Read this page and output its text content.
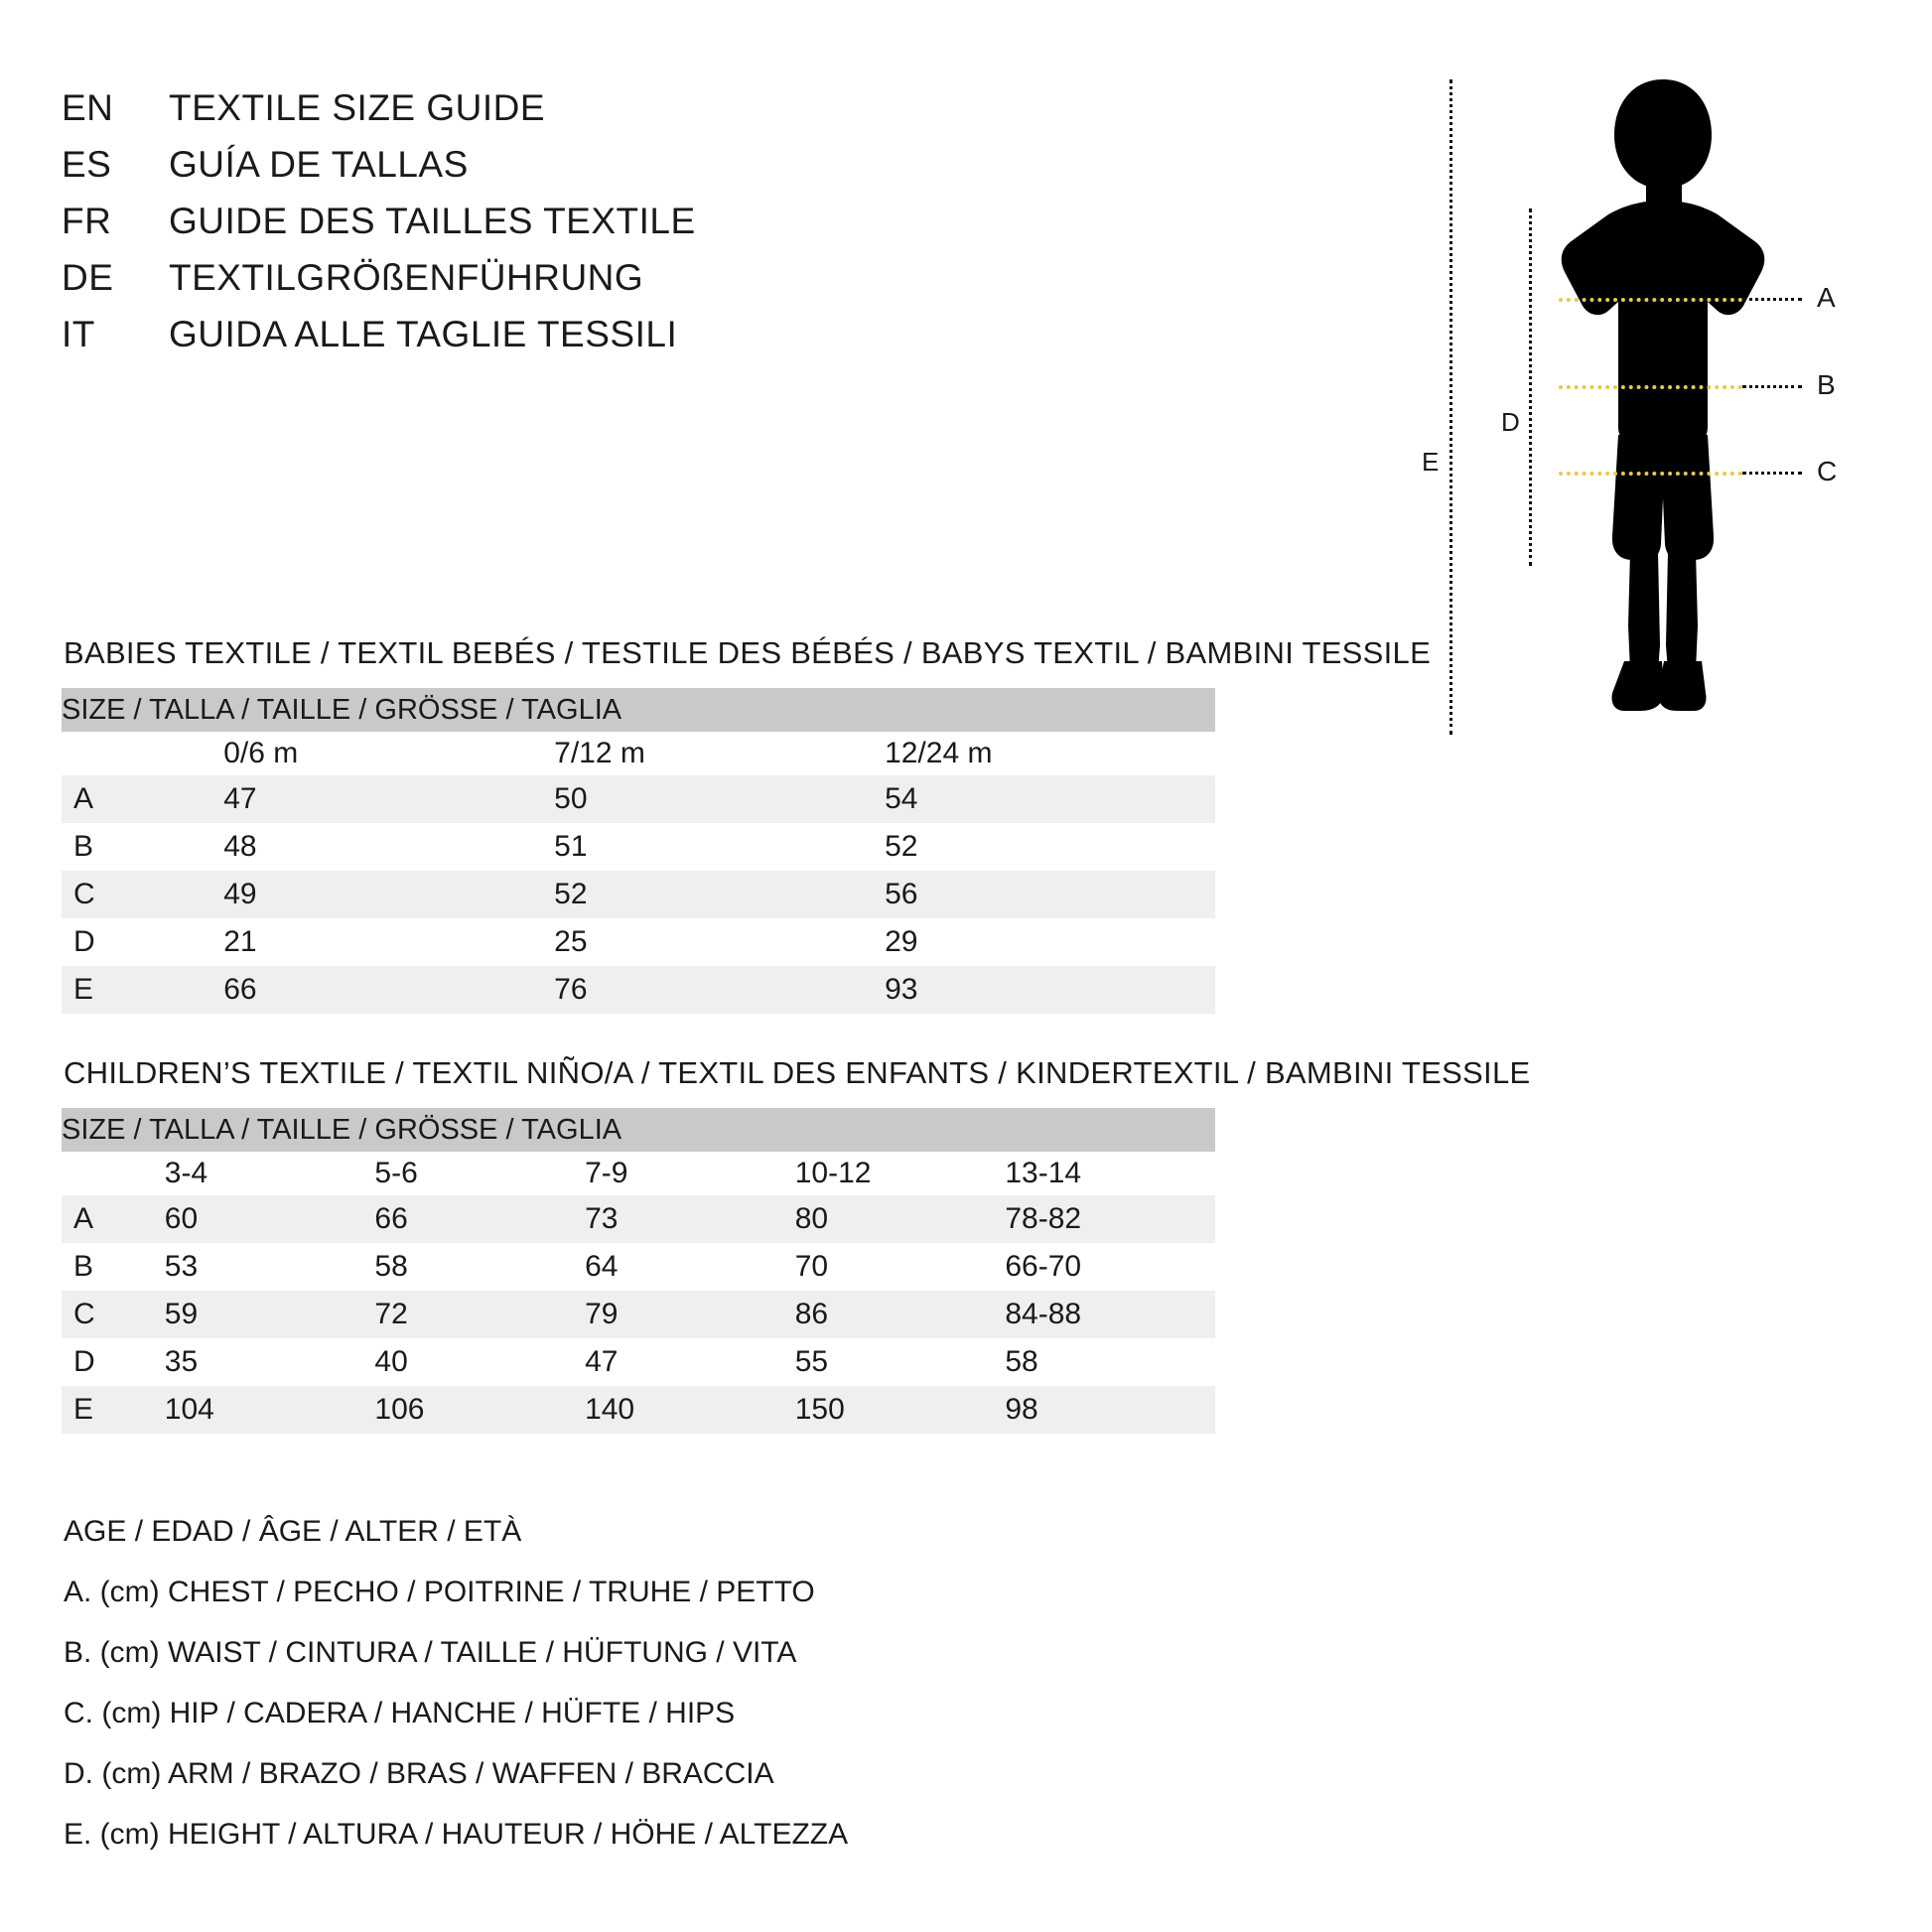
EN	TEXTILE SIZE GUIDE
ES	GUÍA DE TALLAS
FR	GUIDE DES TAILLES TEXTILE
DE	TEXTILGRÖßENFÜHRUNG
IT	GUIDA ALLE TAGLIE TESSILI
E
D
A
B
C
BABIES TEXTILE / TEXTIL BEBÉS / TESTILE DES BÉBÉS / BABYS TEXTIL / BAMBINI TESSILE
SIZE / TALLA / TAILLE / GRÖSSE / TAGLIA			
	0/6 m	7/12 m	12/24 m
A	47	50	54
B	48	51	52
C	49	52	56
D	21	25	29
E	66	76	93
CHILDREN’S TEXTILE / TEXTIL NIÑO/A / TEXTIL DES ENFANTS / KINDERTEXTIL / BAMBINI TESSILE
SIZE / TALLA / TAILLE / GRÖSSE / TAGLIA					
	3-4	5-6	7-9	10-12	13-14
A	60	66	73	80	78-82
B	53	58	64	70	66-70
C	59	72	79	86	84-88
D	35	40	47	55	58
E	104	106	140	150	98
AGE / EDAD / ÂGE / ALTER / ETÀ
A. (cm) CHEST / PECHO / POITRINE / TRUHE / PETTO
B. (cm) WAIST / CINTURA / TAILLE / HÜFTUNG / VITA
C. (cm) HIP / CADERA / HANCHE / HÜFTE / HIPS
D. (cm) ARM / BRAZO / BRAS / WAFFEN / BRACCIA
E. (cm) HEIGHT / ALTURA / HAUTEUR / HÖHE / ALTEZZA
